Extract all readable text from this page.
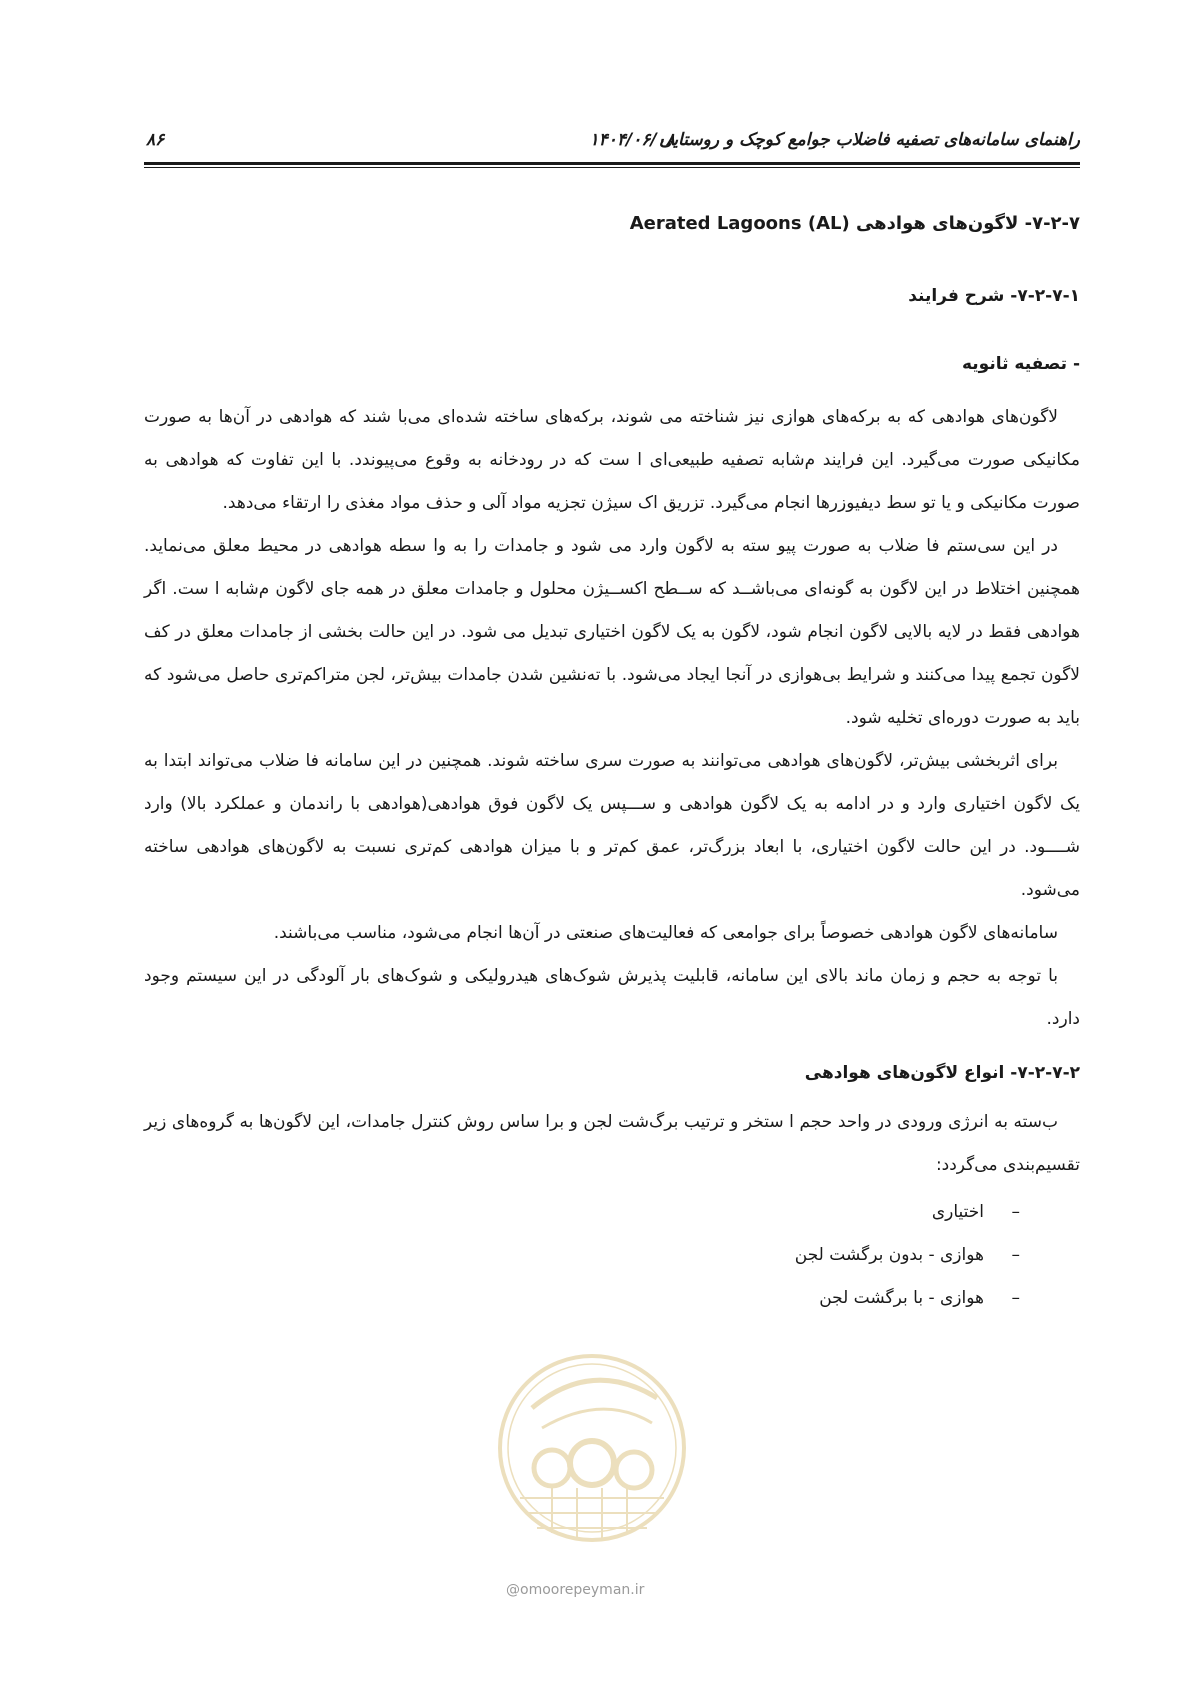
راهنمای سامانه‌های تصفیه فاضلاب جوامع کوچک و روستایی
۱۴۰۴/۰۶/۰۸
۸۶
۷-۲-۷- لاگون‌های هوادهی Aerated Lagoons (AL)
۷-۲-۷-۱- شرح فرایند
- تصفیه ثانویه

لاگون‌های هوادهی که به برکه‌های هوازی نیز شناخته می شوند، برکه‌های ساخته شده‌ای می‌با شند که هوادهی در آن‌ها به صورت مکانیکی صورت می‌گیرد. این فرایند م‌شابه تصفیه طبیعی‌ای ا ست که در رودخانه به وقوع می‌پیوندد. با این تفاوت که هوادهی به صورت مکانیکی و یا تو سط دیفیوزرها انجام می‌گیرد. تزریق اک سیژن تجزیه مواد آلی و حذف مواد مغذی را ارتقاء می‌دهد.

در این سی‌ستم فا ضلاب به صورت پیو سته به لاگون وارد می شود و جامدات را به وا سطه هوادهی در محیط معلق می‌نماید. همچنین اختلاط در این لاگون به گونه‌ای می‌باشــد که ســطح اکســیژن محلول و جامدات معلق در همه جای لاگون م‌شابه ا ست. اگر هوادهی فقط در لایه بالایی لاگون انجام شود، لاگون به یک لاگون اختیاری تبدیل می شود. در این حالت بخشی از جامدات معلق در کف لاگون تجمع پیدا می‌کنند و شرایط بی‌هوازی در آنجا ایجاد می‌شود. با ته‌نشین شدن جامدات بیش‌تر، لجن متراکم‌تری حاصل می‌شود که باید به صورت دوره‌ای تخلیه شود.

برای اثربخشی بیش‌تر، لاگون‌های هوادهی می‌توانند به صورت سری ساخته شوند. همچنین در این سامانه فا ضلاب می‌تواند ابتدا به یک لاگون اختیاری وارد و در ادامه به یک لاگون هوادهی و ســـپس یک لاگون فوق هوادهی(هوادهی با راندمان و عملکرد بالا) وارد شــــود. در این حالت لاگون اختیاری، با ابعاد بزرگ‌تر، عمق کم‌تر و با میزان هوادهی کم‌تری نسبت به لاگون‌های هوادهی ساخته می‌شود.

سامانه‌های لاگون هوادهی خصوصاً برای جوامعی که فعالیت‌های صنعتی در آن‌ها انجام می‌شود، مناسب می‌باشند.

با توجه به حجم و زمان ماند بالای این سامانه، قابلیت پذیرش شوک‌های هیدرولیکی و شوک‌های بار آلودگی در این سیستم وجود دارد.

۷-۲-۷-۲- انواع لاگون‌های هوادهی

ب‌سته به انرژی ورودی در واحد حجم ا ستخر و ترتیب برگ‌شت لجن و برا ساس روش کنترل جامدات، این لاگون‌ها به گروه‌های زیر تقسیم‌بندی می‌گردد:

–اختیاری
–هوازی - بدون برگشت لجن
–هوازی - با برگشت لجن
@omoorepeyman.ir
